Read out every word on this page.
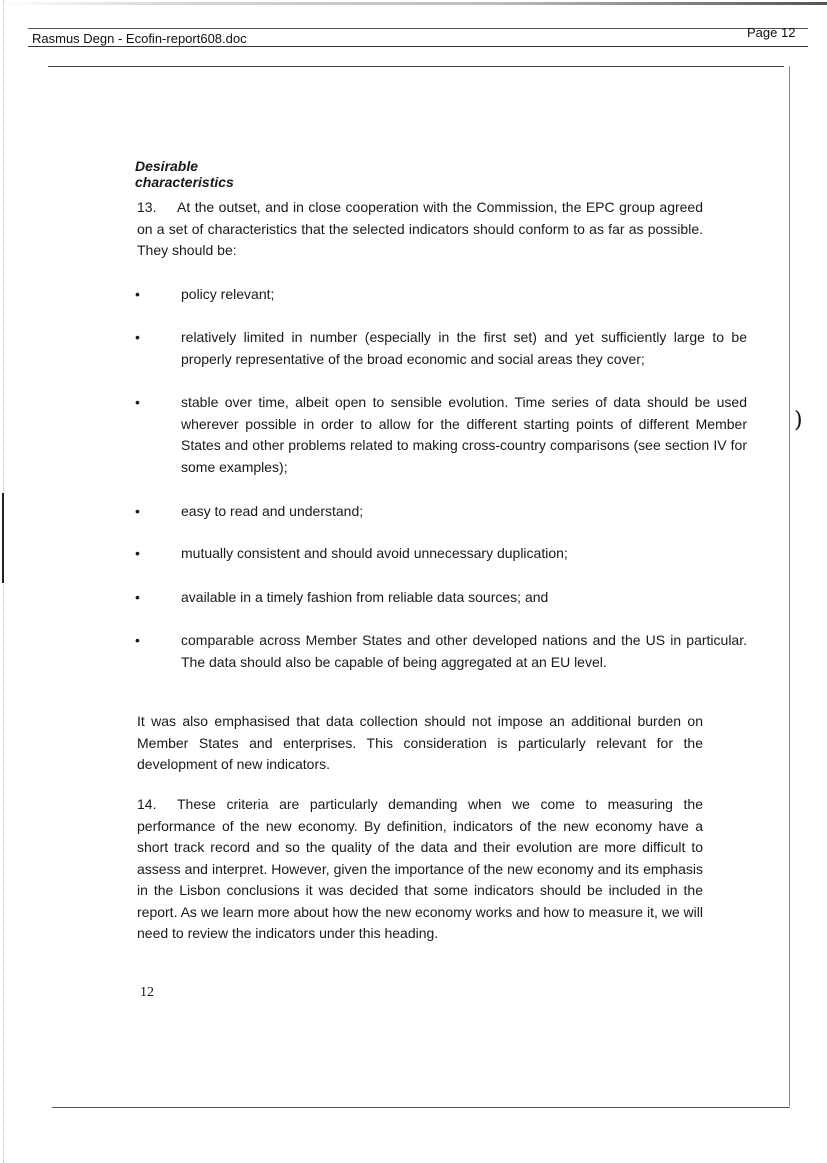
Rasmus Degn - Ecofin-report608.doc	Page 12
)
Desirable characteristics
13. At the outset, and in close cooperation with the Commission, the EPC group agreed on a set of characteristics that the selected indicators should conform to as far as possible. They should be:
•	policy relevant;
•	relatively limited in number (especially in the first set) and yet sufficiently large to be properly representative of the broad economic and social areas they cover;
•	stable over time, albeit open to sensible evolution. Time series of data should be used wherever possible in order to allow for the different starting points of different Member States and other problems related to making cross-country comparisons (see section IV for some examples);
•	easy to read and understand;
•	mutually consistent and should avoid unnecessary duplication;
•	available in a timely fashion from reliable data sources; and
•	comparable across Member States and other developed nations and the US in particular. The data should also be capable of being aggregated at an EU level.
It was also emphasised that data collection should not impose an additional burden on Member States and enterprises. This consideration is particularly relevant for the development of new indicators.
14. These criteria are particularly demanding when we come to measuring the performance of the new economy. By definition, indicators of the new economy have a short track record and so the quality of the data and their evolution are more difficult to assess and interpret. However, given the importance of the new economy and its emphasis in the Lisbon conclusions it was decided that some indicators should be included in the report. As we learn more about how the new economy works and how to measure it, we will need to review the indicators under this heading.
12
